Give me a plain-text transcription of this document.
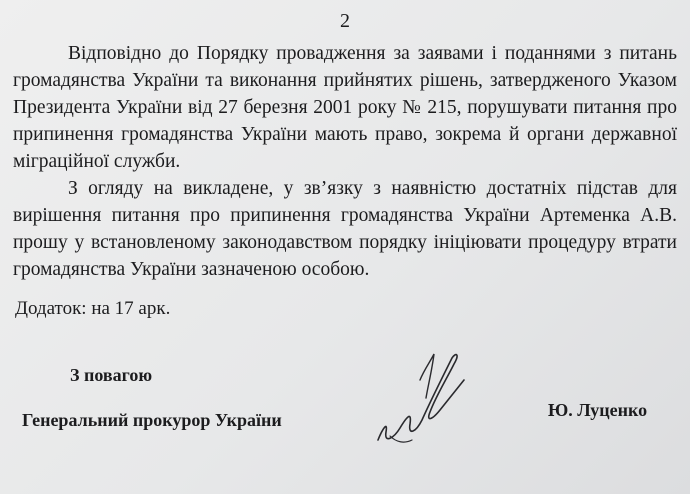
2
Відповідно до Порядку провадження за заявами і поданнями з питань
громадянства України та виконання прийнятих рішень, затвердженого Указом
Президента України від 27 березня 2001 року № 215, порушувати питання про
припинення громадянства України мають право, зокрема й органи державної
міграційної служби.
З огляду на викладене, у зв’язку з наявністю достатніх підстав для
вирішення питання про припинення громадянства України Артеменка А.В.
прошу у встановленому законодавством порядку ініціювати процедуру втрати
громадянства України зазначеною особою.
Додаток: на 17 арк.
З повагою
Генеральний прокурор України	Ю. Луценко
